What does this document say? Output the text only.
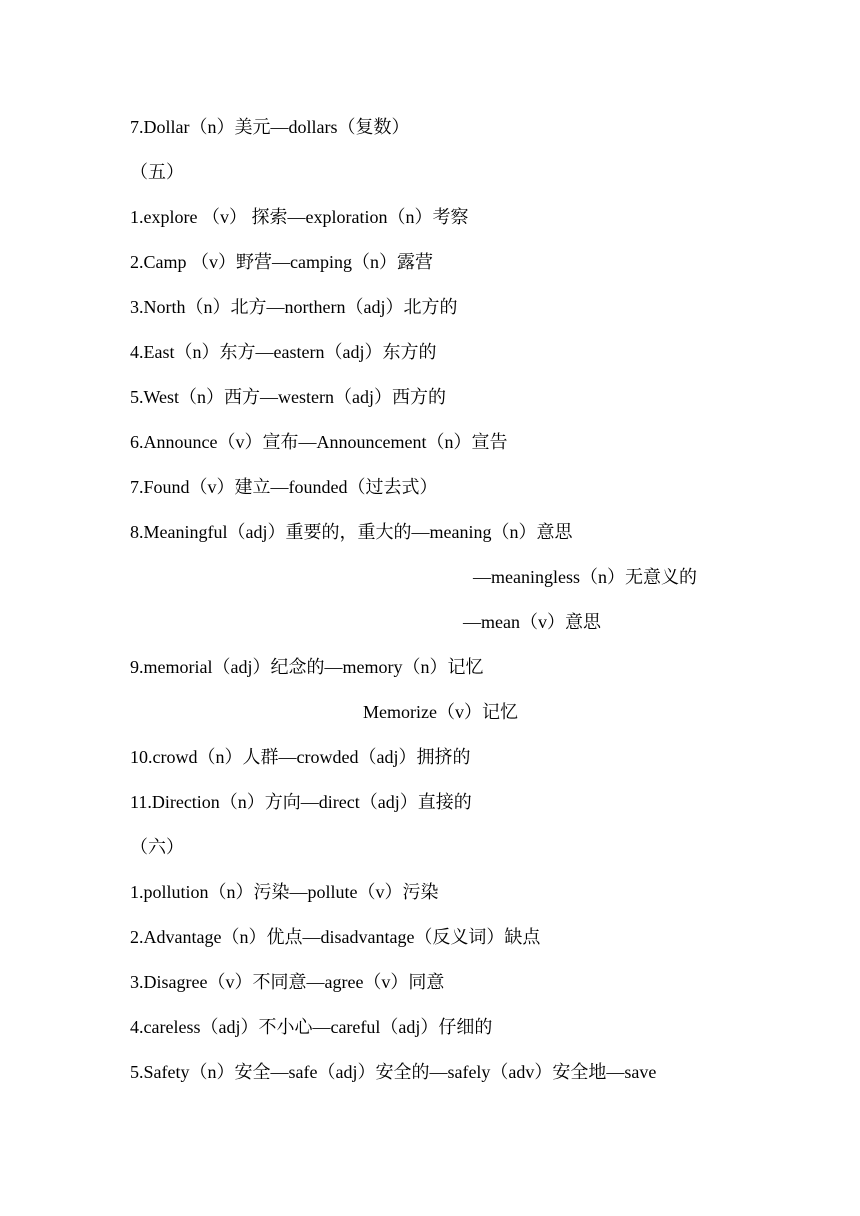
7.Dollar（n）美元—dollars（复数）
（五）
1.explore （v） 探索—exploration（n）考察
2.Camp （v）野营—camping（n）露营
3.North（n）北方—northern（adj）北方的
4.East（n）东方—eastern（adj）东方的
5.West（n）西方—western（adj）西方的
6.Announce（v）宣布—Announcement（n）宣告
7.Found（v）建立—founded（过去式）
8.Meaningful（adj）重要的，重大的—meaning（n）意思
—meaningless（n）无意义的
—mean（v）意思
9.memorial（adj）纪念的—memory（n）记忆
Memorize（v）记忆
10.crowd（n）人群—crowded（adj）拥挤的
11.Direction（n）方向—direct（adj）直接的
（六）
1.pollution（n）污染—pollute（v）污染
2.Advantage（n）优点—disadvantage（反义词）缺点
3.Disagree（v）不同意—agree（v）同意
4.careless（adj）不小心—careful（adj）仔细的
5.Safety（n）安全—safe（adj）安全的—safely（adv）安全地—save
